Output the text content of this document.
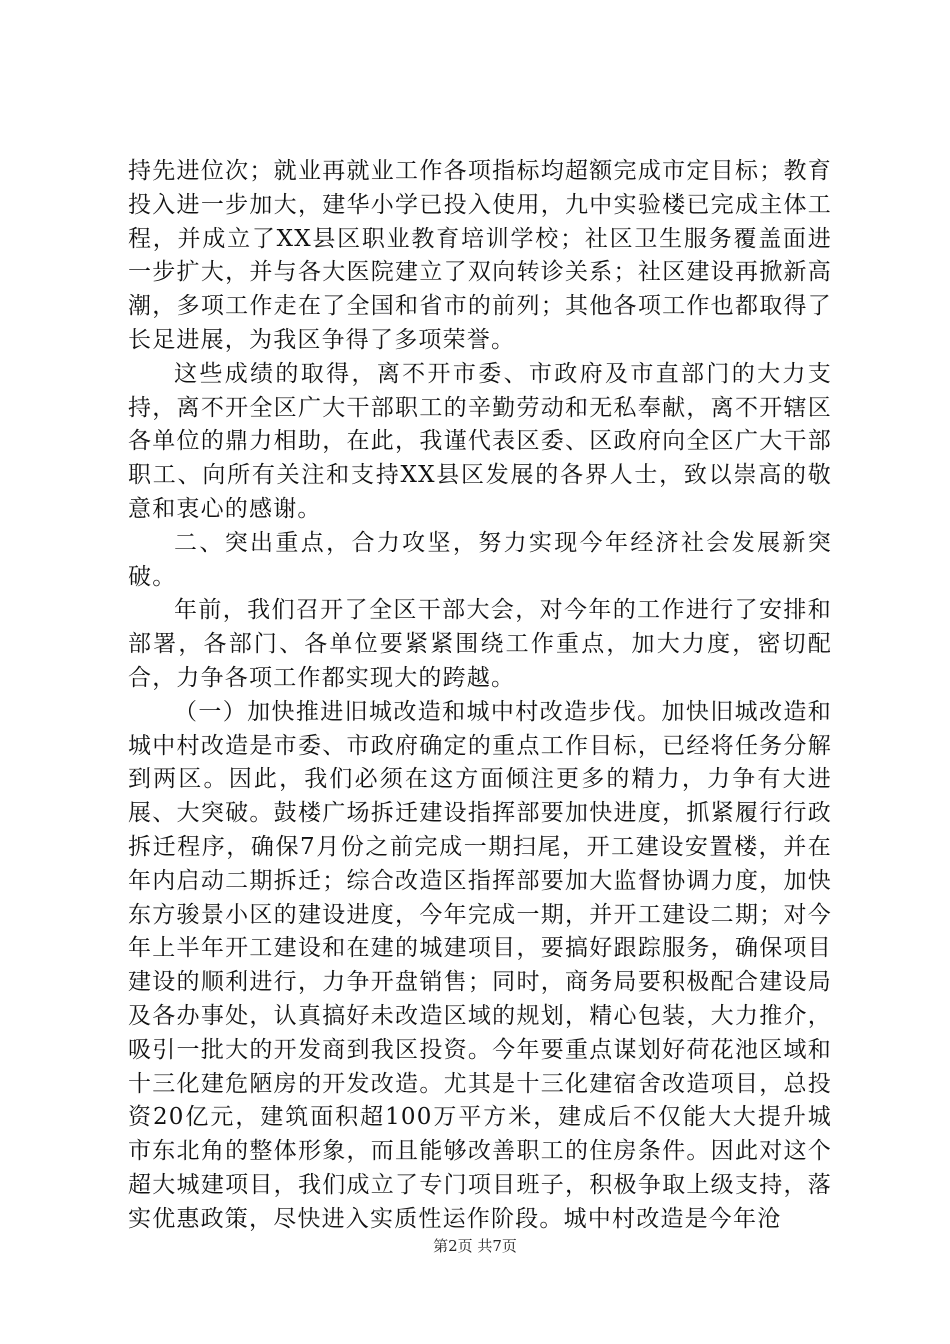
持先进位次；就业再就业工作各项指标均超额完成市定目标；教育投入进一步加大，建华小学已投入使用，九中实验楼已完成主体工程，并成立了XX县区职业教育培训学校；社区卫生服务覆盖面进一步扩大，并与各大医院建立了双向转诊关系；社区建设再掀新高潮，多项工作走在了全国和省市的前列；其他各项工作也都取得了长足进展，为我区争得了多项荣誉。

这些成绩的取得，离不开市委、市政府及市直部门的大力支持，离不开全区广大干部职工的辛勤劳动和无私奉献，离不开辖区各单位的鼎力相助，在此，我谨代表区委、区政府向全区广大干部职工、向所有关注和支持XX县区发展的各界人士，致以崇高的敬意和衷心的感谢。

二、突出重点，合力攻坚，努力实现今年经济社会发展新突破。

年前，我们召开了全区干部大会，对今年的工作进行了安排和部署，各部门、各单位要紧紧围绕工作重点，加大力度，密切配合，力争各项工作都实现大的跨越。

（一）加快推进旧城改造和城中村改造步伐。加快旧城改造和城中村改造是市委、市政府确定的重点工作目标，已经将任务分解到两区。因此，我们必须在这方面倾注更多的精力，力争有大进展、大突破。鼓楼广场拆迁建设指挥部要加快进度，抓紧履行行政拆迁程序，确保7月份之前完成一期扫尾，开工建设安置楼，并在年内启动二期拆迁；综合改造区指挥部要加大监督协调力度，加快东方骏景小区的建设进度，今年完成一期，并开工建设二期；对今年上半年开工建设和在建的城建项目，要搞好跟踪服务，确保项目建设的顺利进行，力争开盘销售；同时，商务局要积极配合建设局及各办事处，认真搞好未改造区域的规划，精心包装，大力推介，吸引一批大的开发商到我区投资。今年要重点谋划好荷花池区域和十三化建危陋房的开发改造。尤其是十三化建宿舍改造项目，总投资20亿元，建筑面积超100万平方米，建成后不仅能大大提升城市东北角的整体形象，而且能够改善职工的住房条件。因此对这个超大城建项目，我们成立了专门项目班子，积极争取上级支持，落实优惠政策，尽快进入实质性运作阶段。城中村改造是今年沧

第2页 共7页
